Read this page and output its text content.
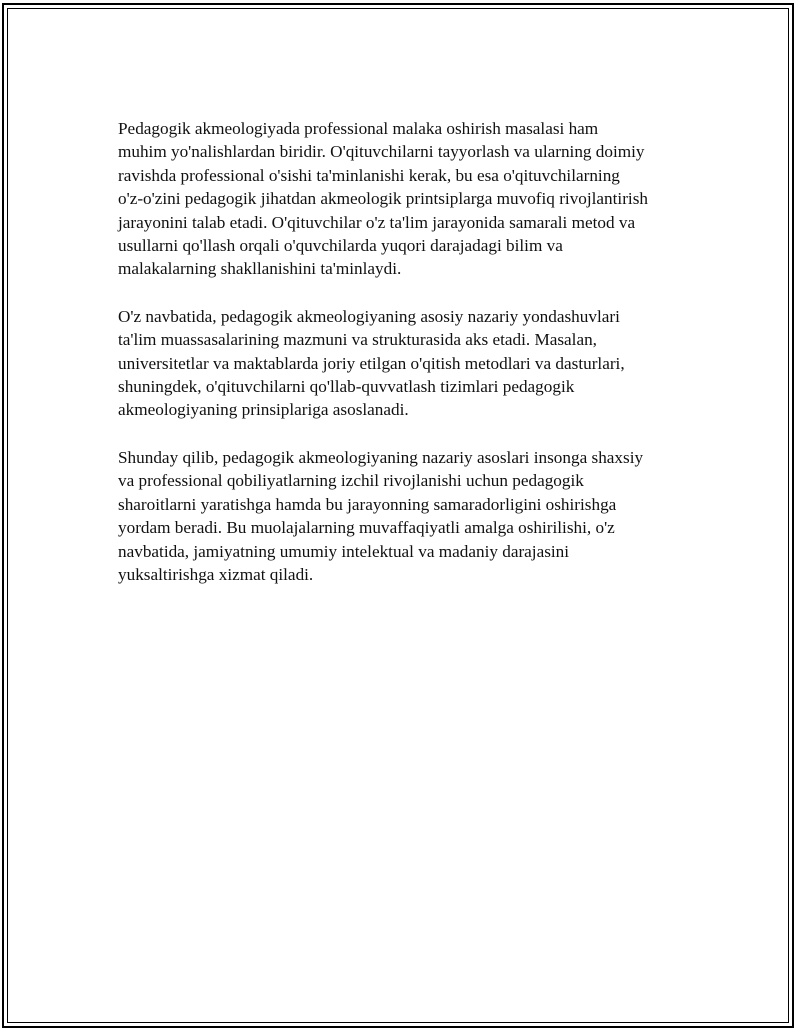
Pedagogik akmeologiyada professional malaka oshirish masalasi ham
muhim yo'nalishlardan biridir. O'qituvchilarni tayyorlash va ularning doimiy
ravishda professional o'sishi ta'minlanishi kerak, bu esa o'qituvchilarning
o'z-o'zini pedagogik jihatdan akmeologik printsiplarga muvofiq rivojlantirish
jarayonini talab etadi. O'qituvchilar o'z ta'lim jarayonida samarali metod va
usullarni qo'llash orqali o'quvchilarda yuqori darajadagi bilim va
malakalarning shakllanishini ta'minlaydi.

O'z navbatida, pedagogik akmeologiyaning asosiy nazariy yondashuvlari
ta'lim muassasalarining mazmuni va strukturasida aks etadi. Masalan,
universitetlar va maktablarda joriy etilgan o'qitish metodlari va dasturlari,
shuningdek, o'qituvchilarni qo'llab-quvvatlash tizimlari pedagogik
akmeologiyaning prinsiplariga asoslanadi.

Shunday qilib, pedagogik akmeologiyaning nazariy asoslari insonga shaxsiy
va professional qobiliyatlarning izchil rivojlanishi uchun pedagogik
sharoitlarni yaratishga hamda bu jarayonning samaradorligini oshirishga
yordam beradi. Bu muolajalarning muvaffaqiyatli amalga oshirilishi, o'z
navbatida, jamiyatning umumiy intelektual va madaniy darajasini
yuksaltirishga xizmat qiladi.
